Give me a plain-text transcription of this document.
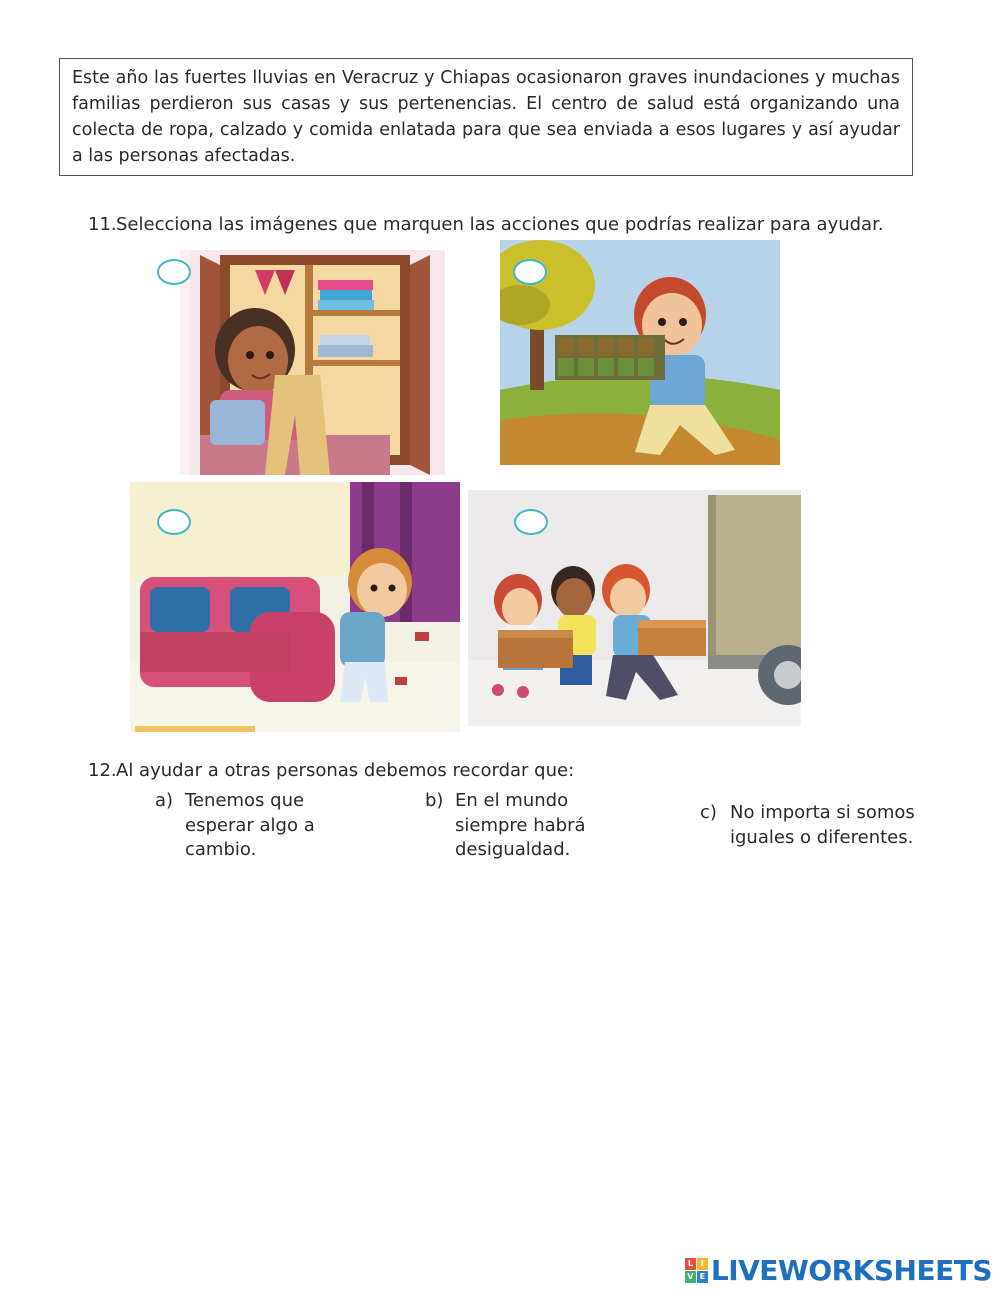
Este año las fuertes lluvias en Veracruz y Chiapas ocasionaron graves inundaciones y muchas familias perdieron sus casas y sus pertenencias. El centro de salud está organizando una colecta de ropa, calzado y comida enlatada para que sea enviada a esos lugares y así ayudar a las personas afectadas.
11.Selecciona las imágenes que marquen las acciones que podrías realizar para ayudar.
12.Al ayudar a otras personas debemos recordar que:
a) Tenemos que
esperar algo a
cambio.
b) En el mundo
siempre habrá
desigualdad.
c) No importa si somos
iguales o diferentes.
L I
V E LIVEWORKSHEETS
